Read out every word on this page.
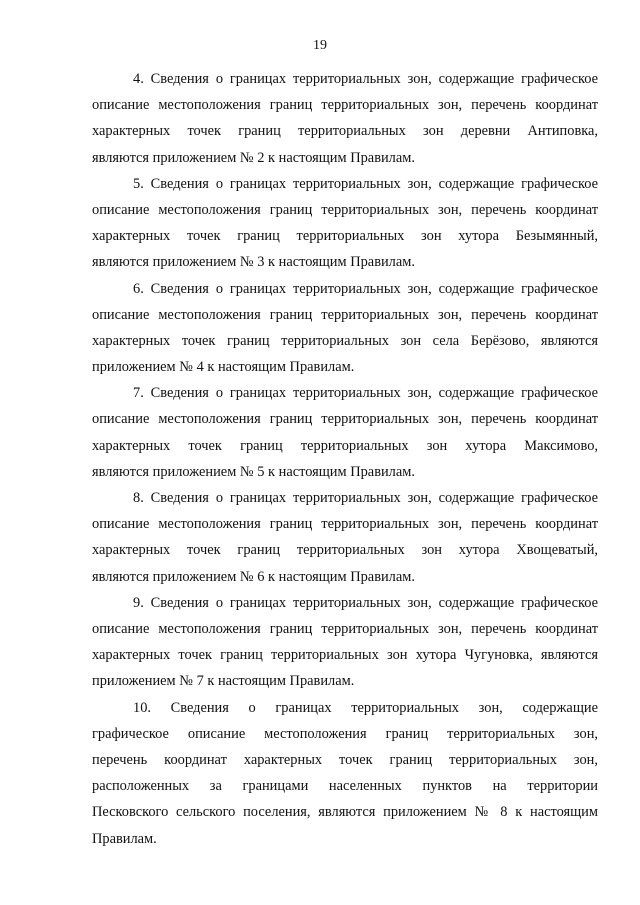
19

4. Сведения о границах территориальных зон, содержащие графическое
описание местоположения границ территориальных зон, перечень координат
характерных точек границ территориальных зон деревни Антиповка,
являются приложением № 2 к настоящим Правилам.

5. Сведения о границах территориальных зон, содержащие графическое
описание местоположения границ территориальных зон, перечень координат
характерных точек границ территориальных зон хутора Безымянный,
являются приложением № 3 к настоящим Правилам.

6. Сведения о границах территориальных зон, содержащие графическое
описание местоположения границ территориальных зон, перечень координат
характерных точек границ территориальных зон села Берёзово, являются
приложением № 4 к настоящим Правилам.

7. Сведения о границах территориальных зон, содержащие графическое
описание местоположения границ территориальных зон, перечень координат
характерных точек границ территориальных зон хутора Максимово,
являются приложением № 5 к настоящим Правилам.

8. Сведения о границах территориальных зон, содержащие графическое
описание местоположения границ территориальных зон, перечень координат
характерных точек границ территориальных зон хутора Хвощеватый,
являются приложением № 6 к настоящим Правилам.

9. Сведения о границах территориальных зон, содержащие графическое
описание местоположения границ территориальных зон, перечень координат
характерных точек границ территориальных зон хутора Чугуновка, являются
приложением № 7 к настоящим Правилам.

10. Сведения о границах территориальных зон, содержащие
графическое описание местоположения границ территориальных зон,
перечень координат характерных точек границ территориальных зон,
расположенных за границами населенных пунктов на территории
Песковского сельского поселения, являются приложением № 8 к настоящим
Правилам.
